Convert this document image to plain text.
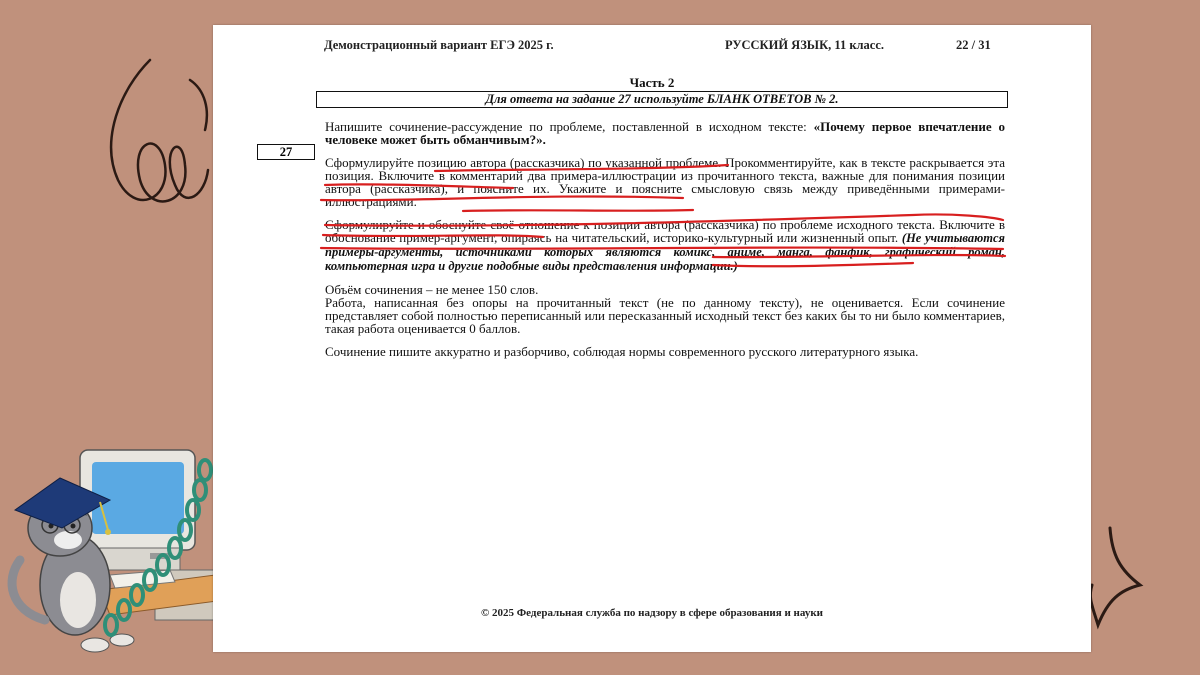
Демонстрационный вариант ЕГЭ 2025 г.	РУССКИЙ ЯЗЫК, 11 класс.	22 / 31
Часть 2
Для ответа на задание 27 используйте БЛАНК ОТВЕТОВ № 2.
27

Напишите сочинение-рассуждение по проблеме, поставленной в исходном тексте: «Почему первое впечатление о человеке может быть обманчивым?».

Сформулируйте позицию автора (рассказчика) по указанной проблеме. Прокомментируйте, как в тексте раскрывается эта позиция. Включите в комментарий два примера-иллюстрации из прочитанного текста, важные для понимания позиции автора (рассказчика), и поясните их. Укажите и поясните смысловую связь между приведёнными примерами-иллюстрациями.

Сформулируйте и обоснуйте своё отношение к позиции автора (рассказчика) по проблеме исходного текста. Включите в обоснование пример-аргумент, опираясь на читательский, историко-культурный или жизненный опыт. (Не учитываются примеры-аргументы, источниками которых являются комикс, аниме, манга, фанфик, графический роман, компьютерная игра и другие подобные виды представления информации.)

Объём сочинения – не менее 150 слов.
Работа, написанная без опоры на прочитанный текст (не по данному тексту), не оценивается. Если сочинение представляет собой полностью переписанный или пересказанный исходный текст без каких бы то ни было комментариев, такая работа оценивается 0 баллов.

Сочинение пишите аккуратно и разборчиво, соблюдая нормы современного русского литературного языка.

© 2025 Федеральная служба по надзору в сфере образования и науки
